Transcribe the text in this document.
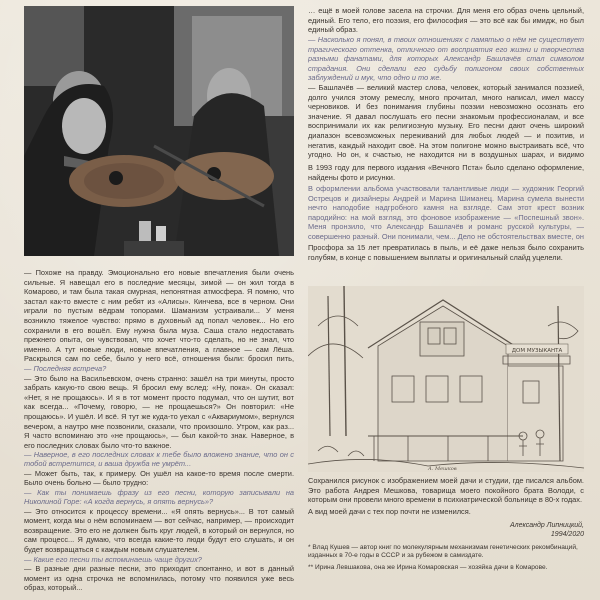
— Похоже на правду. Эмоционально его новые впечатления были очень сильные. Я навещал его в последние месяцы, зимой — он жил тогда в Комарово, и там была такая смурная, непонятная атмосфера. Я помню, что застал как-то вместе с ним ребят из «Алисы». Кинчева, все в черном. Они играли по пустым вёдрам топорами. Шаманизм устраивали... У меня возникло тяжелое чувство: прямо в духовный ад попал человек... Но его сохранили в его вошёл. Ему нужна была муза. Саша стало недоставать прежнего опыта, он чувствовал, что хочет что-то сделать, но не знал, что именно. А тут новые люди, новые впечатления, а главное — сам Лёша. Раскрылся сам по себе, было у него всё, отношения были: бросил пить,

— Последняя встреча?

— Это было на Васильевском, очень странно: зашёл на три минуты, просто забрать какую-то свою вещь. Я бросил ему вслед: «Ну, пока». Он сказал: «Нет, я не прощаюсь». И я в тот момент просто подумал, что он шутит, вот как всегда... «Почему, говорю, — не прощаешься?» Он повторил: «Не прощаюсь». И ушёл. И всё. Я тут же куда-то уехал с «Аквариумом», вернулся вечером, а наутро мне позвонили, сказали, что произошло. Утром, как раз... Я часто вспоминаю это «не прощаюсь», — был какой-то знак. Наверное, в его последних словах было что-то важное.

— Наверное, в его последних словах к тебе было вложено знание, что он с тобой встретится, и ваша дружба не умрёт...

— Может быть, так, к примеру. Он ушёл на какое-то время после смерти. Было очень больно — было трудно:

— Как ты понимаешь фразу из его песни, которую записывали на Николиной Горе: «А когда вернусь, я опять вернусь»?

— Это относится к процессу времени... «Я опять вернусь»... В тот самый момент, когда мы о нём вспоминаем — вот сейчас, например, — происходит возвращение. Это его не должен быть круг людей, в который он вернулся, но сам процесс... Я думаю, что всегда какие-то люди будут его слушать, и он будет возвращаться с каждым новым слушателем.

— Какие его песни ты вспоминаешь чаще других?

— В разные дни разные песни, это приходит спонтанно, и вот в данный момент из одна строчка не вспомнилась, потому что появился уже весь образ, который...

… ещё в моей голове засела на строчки. Для меня его образ очень цельный, единый. Его тело, его поэзия, его философия — это всё как бы имидж, но был единый образ.

— Насколько я понял, в твоих отношениях с памятью о нём не существует трагического оттенка, отличного от восприятия его жизни и творчества разными фанатами, для которых Александр Башлачёв стал символом страдания. Они сделали его судьбу полигоном своих собственных заблуждений и мук, что одно и то же.

— Башлачёв — великий мастер слова, человек, который занимался поэзией, долго учился этому ремеслу, много прочитал, много написал, имел массу черновиков. И без понимания глубины поэзии невозможно осознать его значение. Я давал послушать его песни знакомым профессионалам, и все воспринимали их как религиозную музыку. Его песни дают очень широкий диапазон всевозможных переживаний для любых людей — и позитив, и негатив, каждый находит своё. На этом полигоне можно выстраивать всё, что угодно. Но он, к счастью, не находится ни в воздушных шарах, и видимо

В 1993 году для первого издания «Вечного Пста» было сделано оформление, найдены фото и рисунки.

В оформлении альбома участвовали талантливые люди — художник Георгий Острецов и дизайнеры Андрей и Марина Шиманец. Марина сумела вынести нечто наподобие надгробного камня на взгляде. Сам этот крест возник пародийно: на мой взгляд, это фоновое изображение — «Поспешный звон». Меня пронзило, что Александр Башлачёв и романс русской культуры, — совершенно разный. Они понимали, чем... Дело не обстоятельствах вместе, он

Просфора за 15 лет превратилась в пыль, и её даже нельзя было сохранить голубям, в конце с повышением выплаты и оригинальный слайд уцелели.

ДОМ МУЗЫКАНТА
А. Мешков

Сохранился рисунок с изображением моей дачи и студии, где писался альбом. Это работа Андрея Мешкова, товарища моего покойного брата Володи, с которым они провели много времени в психиатрической больнице в 80-х годах.

А вид моей дачи с тех пор почти не изменился.

Александр Липницкий,

1994/2020

* Влад Кушев — автор книг по молекулярным механизмам генетических рекомбинаций, изданных в 70-е годы в СССР и за рубежом в самиздате.

** Ирина Левшакова, она же Ирина Комаровская — хозяйка дачи в Комарове.
